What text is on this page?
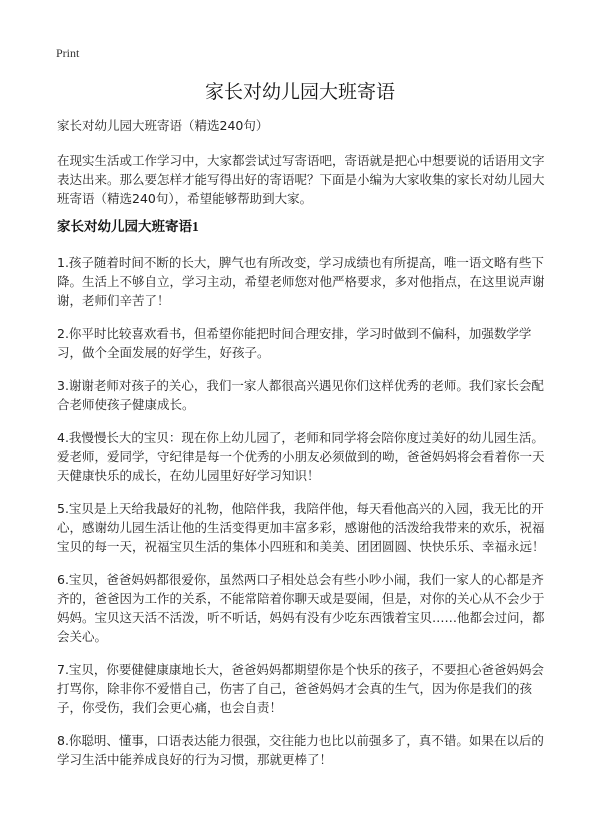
Print
家长对幼儿园大班寄语

家长对幼儿园大班寄语（精选240句）

在现实生活或工作学习中，大家都尝试过写寄语吧，寄语就是把心中想要说的话语用文字表达出来。那么要怎样才能写得出好的寄语呢？下面是小编为大家收集的家长对幼儿园大班寄语（精选240句），希望能够帮助到大家。

家长对幼儿园大班寄语1

1.孩子随着时间不断的长大，脾气也有所改变，学习成绩也有所提高，唯一语文略有些下降。生活上不够自立，学习主动，希望老师您对他严格要求，多对他指点，在这里说声谢谢，老师们辛苦了！

2.你平时比较喜欢看书，但希望你能把时间合理安排，学习时做到不偏科，加强数学学习，做个全面发展的好学生，好孩子。

3.谢谢老师对孩子的关心，我们一家人都很高兴遇见你们这样优秀的老师。我们家长会配合老师使孩子健康成长。

4.我慢慢长大的宝贝：现在你上幼儿园了，老师和同学将会陪你度过美好的幼儿园生活。爱老师，爱同学，守纪律是每一个优秀的小朋友必须做到的呦，爸爸妈妈将会看着你一天天健康快乐的成长，在幼儿园里好好学习知识！

5.宝贝是上天给我最好的礼物，他陪伴我，我陪伴他，每天看他高兴的入园，我无比的开心，感谢幼儿园生活让他的生活变得更加丰富多彩，感谢他的活泼给我带来的欢乐，祝福宝贝的每一天，祝福宝贝生活的集体小四班和和美美、团团圆圆、快快乐乐、幸福永远！

6.宝贝，爸爸妈妈都很爱你，虽然两口子相处总会有些小吵小闹，我们一家人的心都是齐齐的，爸爸因为工作的关系，不能常陪着你聊天或是耍闹，但是，对你的关心从不会少于妈妈。宝贝这天活不活泼，听不听话，妈妈有没有少吃东西饿着宝贝……他都会过问，都会关心。

7.宝贝，你要健健康康地长大，爸爸妈妈都期望你是个快乐的孩子，不要担心爸爸妈妈会打骂你，除非你不爱惜自己，伤害了自己，爸爸妈妈才会真的生气，因为你是我们的孩子，你受伤，我们会更心痛，也会自责！

8.你聪明、懂事，口语表达能力很强，交往能力也比以前强多了，真不错。如果在以后的学习生活中能养成良好的行为习惯，那就更棒了！
